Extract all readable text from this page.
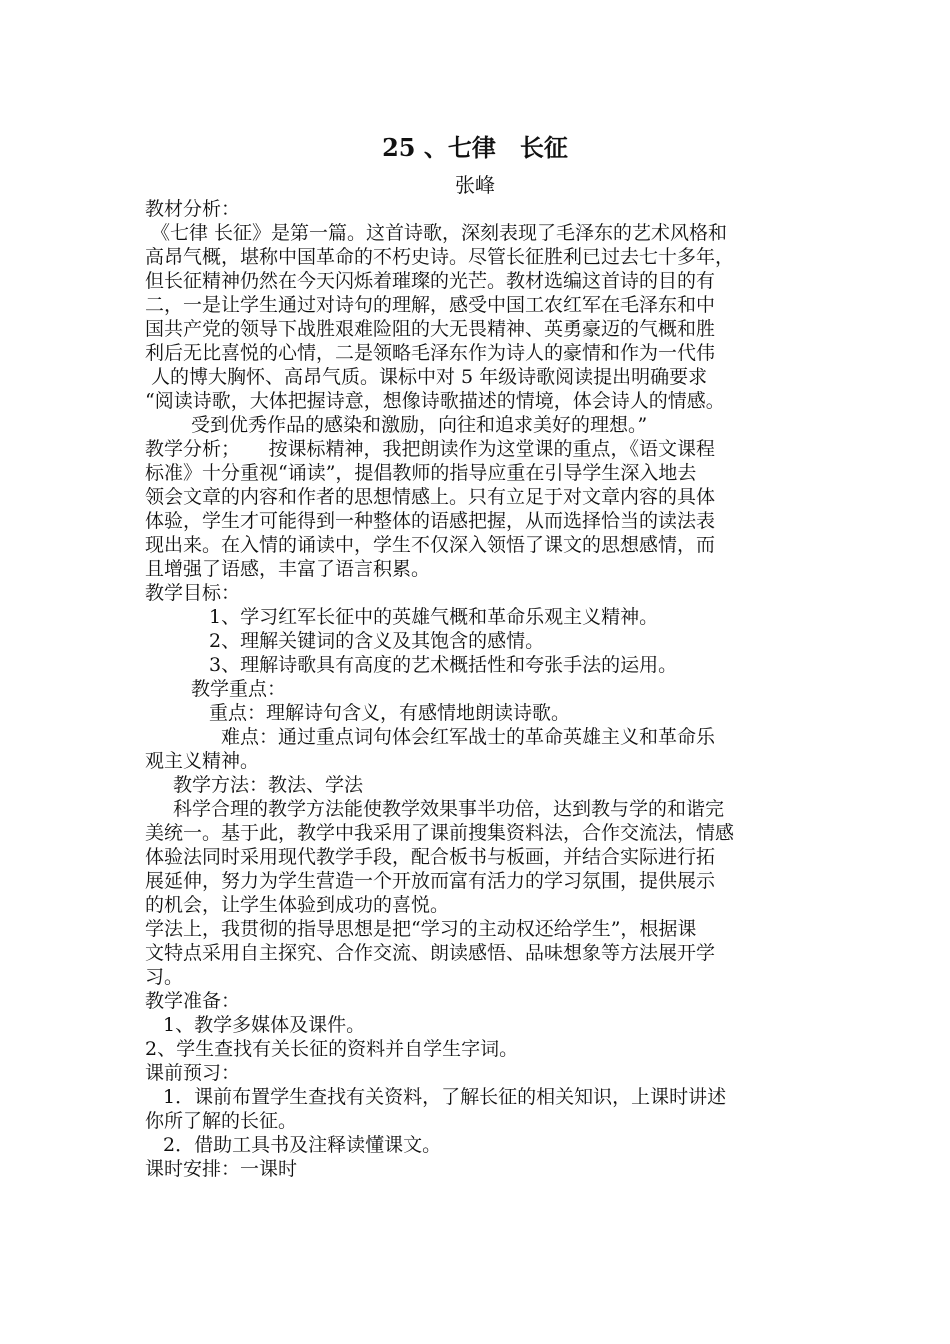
25 、七律　长征
张峰
教材分析：
《七律 长征》是第一篇。这首诗歌，深刻表现了毛泽东的艺术风格和
高昂气概，堪称中国革命的不朽史诗。尽管长征胜利已过去七十多年，
但长征精神仍然在今天闪烁着璀璨的光芒。教材选编这首诗的目的有
二，一是让学生通过对诗句的理解，感受中国工农红军在毛泽东和中
国共产党的领导下战胜艰难险阻的大无畏精神、英勇豪迈的气概和胜
利后无比喜悦的心情，二是领略毛泽东作为诗人的豪情和作为一代伟
人的博大胸怀、高昂气质。课标中对 5 年级诗歌阅读提出明确要求
“阅读诗歌，大体把握诗意，想像诗歌描述的情境，体会诗人的情感。
受到优秀作品的感染和激励，向往和追求美好的理想。”
教学分析；　　按课标精神，我把朗读作为这堂课的重点，《语文课程
标准》十分重视“诵读”，提倡教师的指导应重在引导学生深入地去
领会文章的内容和作者的思想情感上。只有立足于对文章内容的具体
体验，学生才可能得到一种整体的语感把握，从而选择恰当的读法表
现出来。在入情的诵读中，学生不仅深入领悟了课文的思想感情，而
且增强了语感，丰富了语言积累。
教学目标：
1、学习红军长征中的英雄气概和革命乐观主义精神。
2、理解关键词的含义及其饱含的感情。
3、理解诗歌具有高度的艺术概括性和夸张手法的运用。
教学重点：
重点：理解诗句含义，有感情地朗读诗歌。
难点：通过重点词句体会红军战士的革命英雄主义和革命乐
观主义精神。
教学方法：教法、学法
科学合理的教学方法能使教学效果事半功倍，达到教与学的和谐完
美统一。基于此，教学中我采用了课前搜集资料法，合作交流法，情感
体验法同时采用现代教学手段，配合板书与板画，并结合实际进行拓
展延伸，努力为学生营造一个开放而富有活力的学习氛围，提供展示
的机会，让学生体验到成功的喜悦。
学法上，我贯彻的指导思想是把“学习的主动权还给学生”，根据课
文特点采用自主探究、合作交流、朗读感悟、品味想象等方法展开学
习。
教学准备：
1、教学多媒体及课件。
2、学生查找有关长征的资料并自学生字词。
课前预习：
1．课前布置学生查找有关资料，了解长征的相关知识，上课时讲述
你所了解的长征。
2．借助工具书及注释读懂课文。
课时安排：一课时
